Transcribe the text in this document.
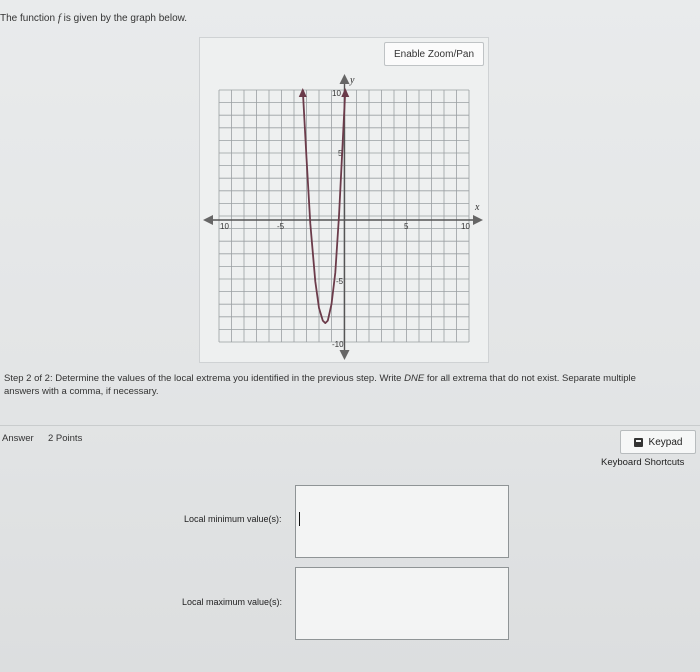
The function f is given by the graph below.
Enable Zoom/Pan
y
x
10	-5	5	10
10
5
-5
-10
Step 2 of 2: Determine the values of the local extrema you identified in the previous step. Write DNE for all extrema that do not exist. Separate multiple answers with a comma, if necessary.
Answer 2 Points	Keypad
Keyboard Shortcuts
Local minimum value(s):
Local maximum value(s):
